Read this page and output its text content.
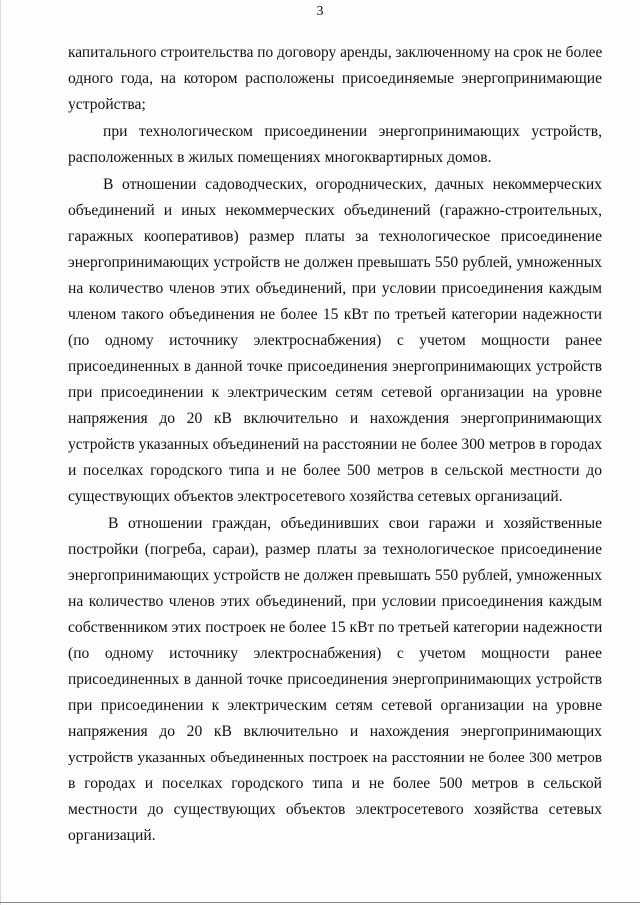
3
капитального строительства по договору аренды, заключенному на срок не более
одного года, на котором расположены присоединяемые энергопринимающие
устройства;
при технологическом присоединении энергопринимающих устройств,
расположенных в жилых помещениях многоквартирных домов.
В отношении садоводческих, огороднических, дачных некоммерческих
объединений и иных некоммерческих объединений (гаражно-строительных,
гаражных кооперативов) размер платы за технологическое присоединение
энергопринимающих устройств не должен превышать 550 рублей, умноженных
на количество членов этих объединений, при условии присоединения каждым
членом такого объединения не более 15 кВт по третьей категории надежности
(по одному источнику электроснабжения) с учетом мощности ранее
присоединенных в данной точке присоединения энергопринимающих устройств
при присоединении к электрическим сетям сетевой организации на уровне
напряжения до 20 кВ включительно и нахождения энергопринимающих
устройств указанных объединений на расстоянии не более 300 метров в городах
и поселках городского типа и не более 500 метров в сельской местности до
существующих объектов электросетевого хозяйства сетевых организаций.
В отношении граждан, объединивших свои гаражи и хозяйственные
постройки (погреба, сараи), размер платы за технологическое присоединение
энергопринимающих устройств не должен превышать 550 рублей, умноженных
на количество членов этих объединений, при условии присоединения каждым
собственником этих построек не более 15 кВт по третьей категории надежности
(по одному источнику электроснабжения) с учетом мощности ранее
присоединенных в данной точке присоединения энергопринимающих устройств
при присоединении к электрическим сетям сетевой организации на уровне
напряжения до 20 кВ включительно и нахождения энергопринимающих
устройств указанных объединенных построек на расстоянии не более 300 метров
в городах и поселках городского типа и не более 500 метров в сельской
местности до существующих объектов электросетевого хозяйства сетевых
организаций.
